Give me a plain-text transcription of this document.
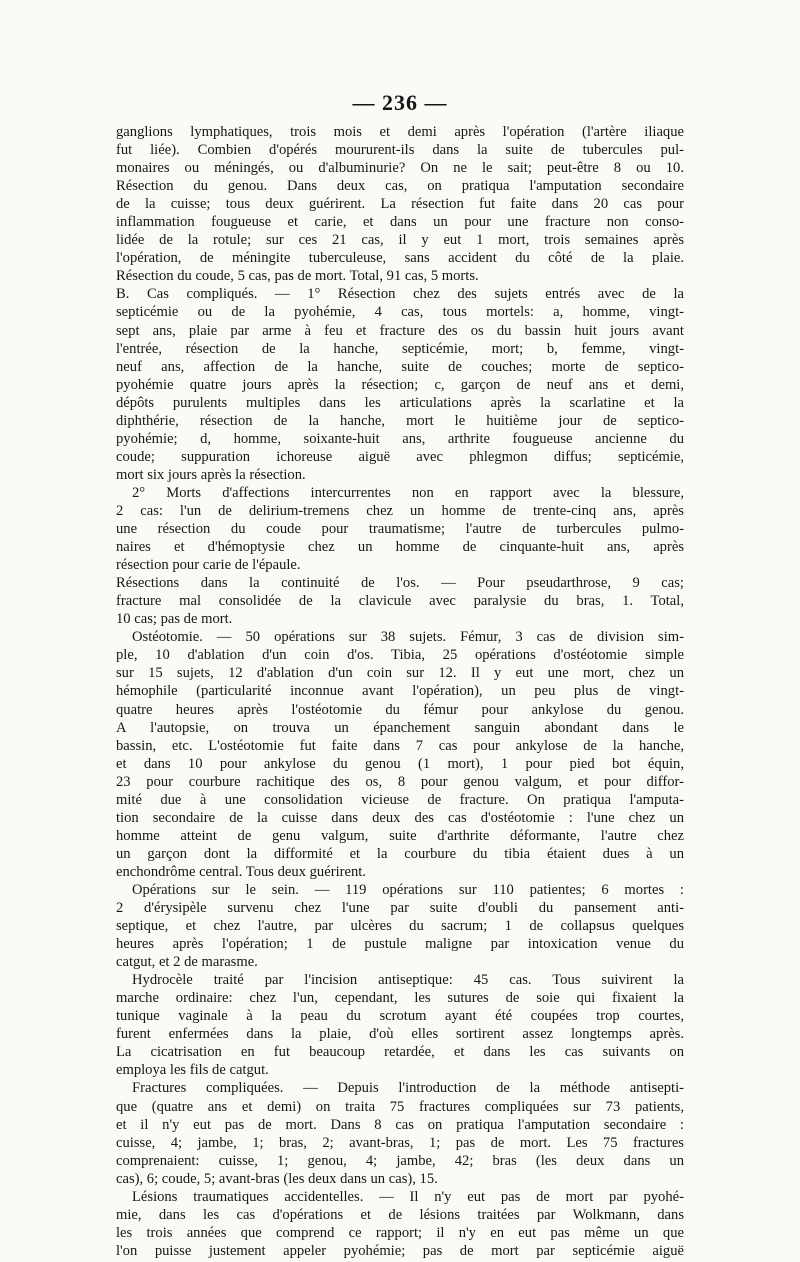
— 236 —
ganglions lymphatiques, trois mois et demi après l'opération (l'artère iliaque
fut liée). Combien d'opérés moururent-ils dans la suite de tubercules pul-
monaires ou méningés, ou d'albuminurie? On ne le sait; peut-être 8 ou 10.
Résection du genou. Dans deux cas, on pratiqua l'amputation secondaire
de la cuisse; tous deux guérirent. La résection fut faite dans 20 cas pour
inflammation fougueuse et carie, et dans un pour une fracture non conso-
lidée de la rotule; sur ces 21 cas, il y eut 1 mort, trois semaines après
l'opération, de méningite tuberculeuse, sans accident du côté de la plaie.
Résection du coude, 5 cas, pas de mort. Total, 91 cas, 5 morts.
B. Cas compliqués. — 1° Résection chez des sujets entrés avec de la
septicémie ou de la pyohémie, 4 cas, tous mortels: a, homme, vingt-
sept ans, plaie par arme à feu et fracture des os du bassin huit jours avant
l'entrée, résection de la hanche, septicémie, mort; b, femme, vingt-
neuf ans, affection de la hanche, suite de couches; morte de septico-
pyohémie quatre jours après la résection; c, garçon de neuf ans et demi,
dépôts purulents multiples dans les articulations après la scarlatine et la
diphthérie, résection de la hanche, mort le huitième jour de septico-
pyohémie; d, homme, soixante-huit ans, arthrite fougueuse ancienne du
coude; suppuration ichoreuse aiguë avec phlegmon diffus; septicémie,
mort six jours après la résection.
2° Morts d'affections intercurrentes non en rapport avec la blessure,
2 cas: l'un de delirium-tremens chez un homme de trente-cinq ans, après
une résection du coude pour traumatisme; l'autre de turbercules pulmo-
naires et d'hémoptysie chez un homme de cinquante-huit ans, après
résection pour carie de l'épaule.
Résections dans la continuité de l'os. — Pour pseudarthrose, 9 cas;
fracture mal consolidée de la clavicule avec paralysie du bras, 1. Total,
10 cas; pas de mort.
Ostéotomie. — 50 opérations sur 38 sujets. Fémur, 3 cas de division sim-
ple, 10 d'ablation d'un coin d'os. Tibia, 25 opérations d'ostéotomie simple
sur 15 sujets, 12 d'ablation d'un coin sur 12. Il y eut une mort, chez un
hémophile (particularité inconnue avant l'opération), un peu plus de vingt-
quatre heures après l'ostéotomie du fémur pour ankylose du genou.
A l'autopsie, on trouva un épanchement sanguin abondant dans le
bassin, etc. L'ostéotomie fut faite dans 7 cas pour ankylose de la hanche,
et dans 10 pour ankylose du genou (1 mort), 1 pour pied bot équin,
23 pour courbure rachitique des os, 8 pour genou valgum, et pour diffor-
mité due à une consolidation vicieuse de fracture. On pratiqua l'amputa-
tion secondaire de la cuisse dans deux des cas d'ostéotomie : l'une chez un
homme atteint de genu valgum, suite d'arthrite déformante, l'autre chez
un garçon dont la difformité et la courbure du tibia étaient dues à un
enchondrôme central. Tous deux guérirent.
Opérations sur le sein. — 119 opérations sur 110 patientes; 6 mortes :
2 d'érysipèle survenu chez l'une par suite d'oubli du pansement anti-
septique, et chez l'autre, par ulcères du sacrum; 1 de collapsus quelques
heures après l'opération; 1 de pustule maligne par intoxication venue du
catgut, et 2 de marasme.
Hydrocèle traité par l'incision antiseptique: 45 cas. Tous suivirent la
marche ordinaire: chez l'un, cependant, les sutures de soie qui fixaient la
tunique vaginale à la peau du scrotum ayant été coupées trop courtes,
furent enfermées dans la plaie, d'où elles sortirent assez longtemps après.
La cicatrisation en fut beaucoup retardée, et dans les cas suivants on
employa les fils de catgut.
Fractures compliquées. — Depuis l'introduction de la méthode antisepti-
que (quatre ans et demi) on traita 75 fractures compliquées sur 73 patients,
et il n'y eut pas de mort. Dans 8 cas on pratiqua l'amputation secondaire :
cuisse, 4; jambe, 1; bras, 2; avant-bras, 1; pas de mort. Les 75 fractures
comprenaient: cuisse, 1; genou, 4; jambe, 42; bras (les deux dans un
cas), 6; coude, 5; avant-bras (les deux dans un cas), 15.
Lésions traumatiques accidentelles. — Il n'y eut pas de mort par pyohé-
mie, dans les cas d'opérations et de lésions traitées par Wolkmann, dans
les trois années que comprend ce rapport; il n'y en eut pas même un que
l'on puisse justement appeler pyohémie; pas de mort par septicémie aiguë
